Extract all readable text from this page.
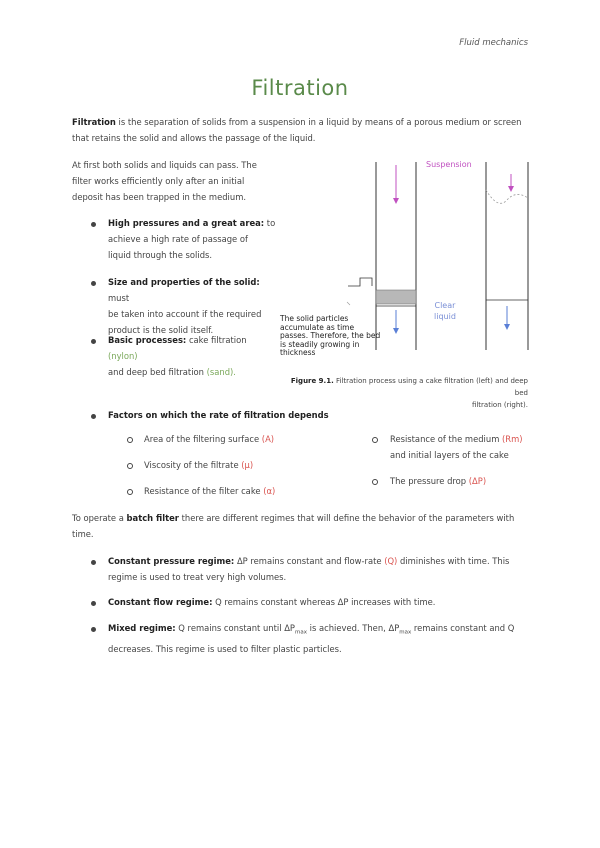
Fluid mechanics
Filtration
Filtration is the separation of solids from a suspension in a liquid by means of a porous medium or screen
that retains the solid and allows the passage of the liquid.
At first both solids and liquids can pass. The
filter works efficiently only after an initial
deposit has been trapped in the medium.
High pressures and a great area: to
achieve a high rate of passage of
liquid through the solids.
Size and properties of the solid: must
be taken into account if the required
product is the solid itself.
Basic processes: cake filtration (nylon)
and deep bed filtration (sand).
Suspension
Clear
liquid
The solid particles
accumulate as time
passes. Therefore, the bed
is steadily growing in
thickness
Figure 9.1. Filtration process using a cake filtration (left) and deep bed
filtration (right).
Factors on which the rate of filtration depends
Area of the filtering surface (A)
Viscosity of the filtrate (μ)
Resistance of the filter cake (α)
Resistance of the medium (Rm)
and initial layers of the cake
The pressure drop (ΔP)
To operate a batch filter there are different regimes that will define the behavior of the parameters with
time.
Constant pressure regime: ΔP remains constant and flow-rate (Q) diminishes with time. This
regime is used to treat very high volumes.
Constant flow regime: Q remains constant whereas ΔP increases with time.
Mixed regime: Q remains constant until $\Delta P_{max}$ is achieved. Then, $\Delta P_{max}$ remains constant and Q
decreases. This regime is used to filter plastic particles.
